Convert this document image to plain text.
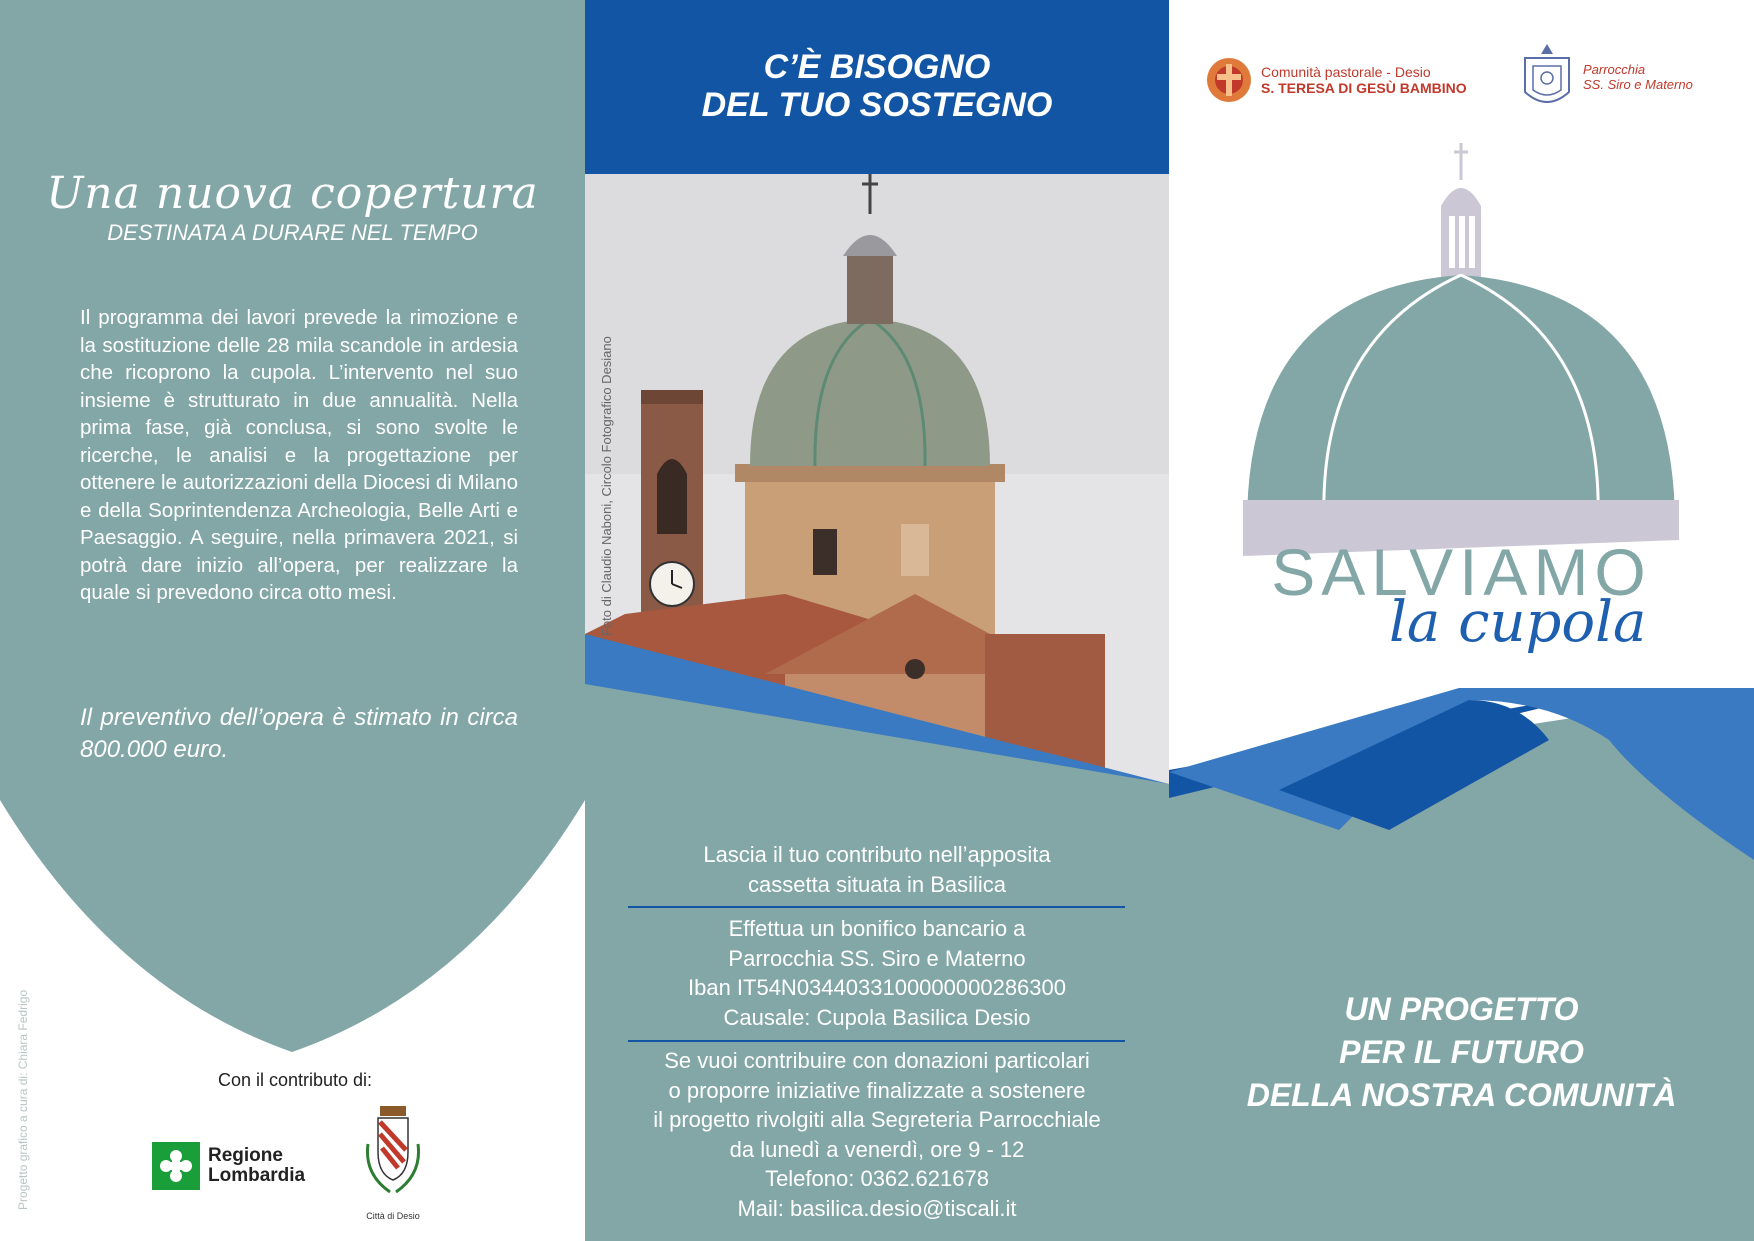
Una nuova copertura
DESTINATA A DURARE NEL TEMPO
Il programma dei lavori prevede la rimozione e la sostituzione delle 28 mila scandole in ardesia che ricoprono la cupola. L’intervento nel suo insieme è strutturato in due annualità. Nella prima fase, già conclusa, si sono svolte le ricerche, le analisi e la progettazione per ottenere le autorizzazioni della Diocesi di Milano e della Soprintendenza Archeologia, Belle Arti e Paesaggio. A seguire, nella primavera 2021, si potrà dare inizio all’opera, per realizzare la quale si prevedono circa otto mesi.
Il preventivo dell’opera è stimato in circa 800.000 euro.
Progetto grafico a cura di: Chiara Fedrigo	Con il contributo di:
Regione
Lombardia
Città di Desio
C’È BISOGNO
DEL TUO SOSTEGNO
Lascia il tuo contributo nell’apposita
cassetta situata in Basilica
Effettua un bonifico bancario a
Parrocchia SS. Siro e Materno
Iban IT54N0344033100000000286300
Causale: Cupola Basilica Desio
Se vuoi contribuire con donazioni particolari
o proporre iniziative finalizzate a sostenere
il progetto rivolgiti alla Segreteria Parrocchiale
da lunedì a venerdì, ore 9 - 12
Telefono: 0362.621678
Mail: basilica.desio@tiscali.it
Foto di Claudio Naboni, Circolo Fotografico Desiano
Comunità pastorale - Desio
S. TERESA DI GESÙ BAMBINO
Parrocchia
SS. Siro e Materno
SALVIAMO
la cupola
UN PROGETTO
PER IL FUTURO
DELLA NOSTRA COMUNITÀ
